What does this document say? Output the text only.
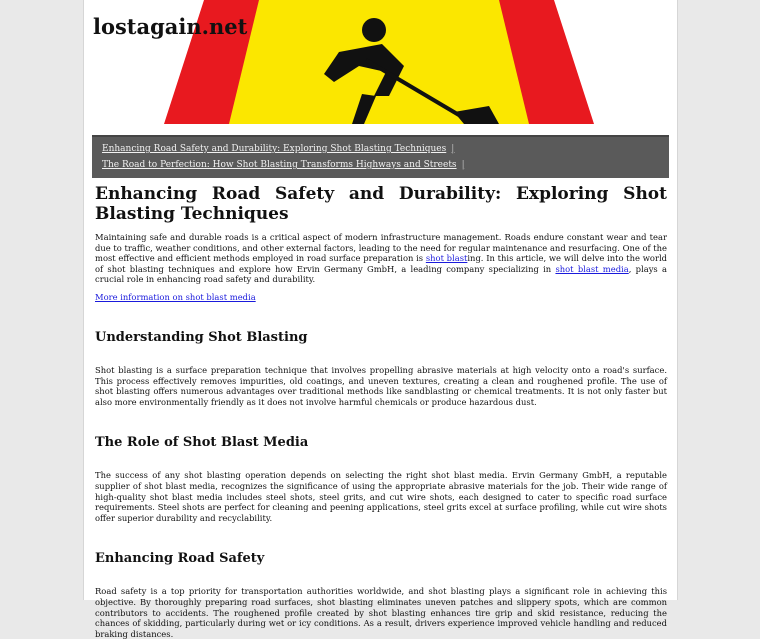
lostagain.net
Enhancing Road Safety and Durability: Exploring Shot Blasting Techniques |
The Road to Perfection: How Shot Blasting Transforms Highways and Streets |
Enhancing Road Safety and Durability: Exploring Shot Blasting Techniques

Maintaining safe and durable roads is a critical aspect of modern infrastructure management. Roads endure constant wear and tear due to traffic, weather conditions, and other external factors, leading to the need for regular maintenance and resurfacing. One of the most effective and efficient methods employed in road surface preparation is shot blasting. In this article, we will delve into the world of shot blasting techniques and explore how Ervin Germany GmbH, a leading company specializing in shot blast media, plays a crucial role in enhancing road safety and durability.

More information on shot blast media
Understanding Shot Blasting

Shot blasting is a surface preparation technique that involves propelling abrasive materials at high velocity onto a road's surface. This process effectively removes impurities, old coatings, and uneven textures, creating a clean and roughened profile. The use of shot blasting offers numerous advantages over traditional methods like sandblasting or chemical treatments. It is not only faster but also more environmentally friendly as it does not involve harmful chemicals or produce hazardous dust.

The Role of Shot Blast Media

The success of any shot blasting operation depends on selecting the right shot blast media. Ervin Germany GmbH, a reputable supplier of shot blast media, recognizes the significance of using the appropriate abrasive materials for the job. Their wide range of high-quality shot blast media includes steel shots, steel grits, and cut wire shots, each designed to cater to specific road surface requirements. Steel shots are perfect for cleaning and peening applications, steel grits excel at surface profiling, while cut wire shots offer superior durability and recyclability.

Enhancing Road Safety

Road safety is a top priority for transportation authorities worldwide, and shot blasting plays a significant role in achieving this objective. By thoroughly preparing road surfaces, shot blasting eliminates uneven patches and slippery spots, which are common contributors to accidents. The roughened profile created by shot blasting enhances tire grip and skid resistance, reducing the chances of skidding, particularly during wet or icy conditions. As a result, drivers experience improved vehicle handling and reduced braking distances.
